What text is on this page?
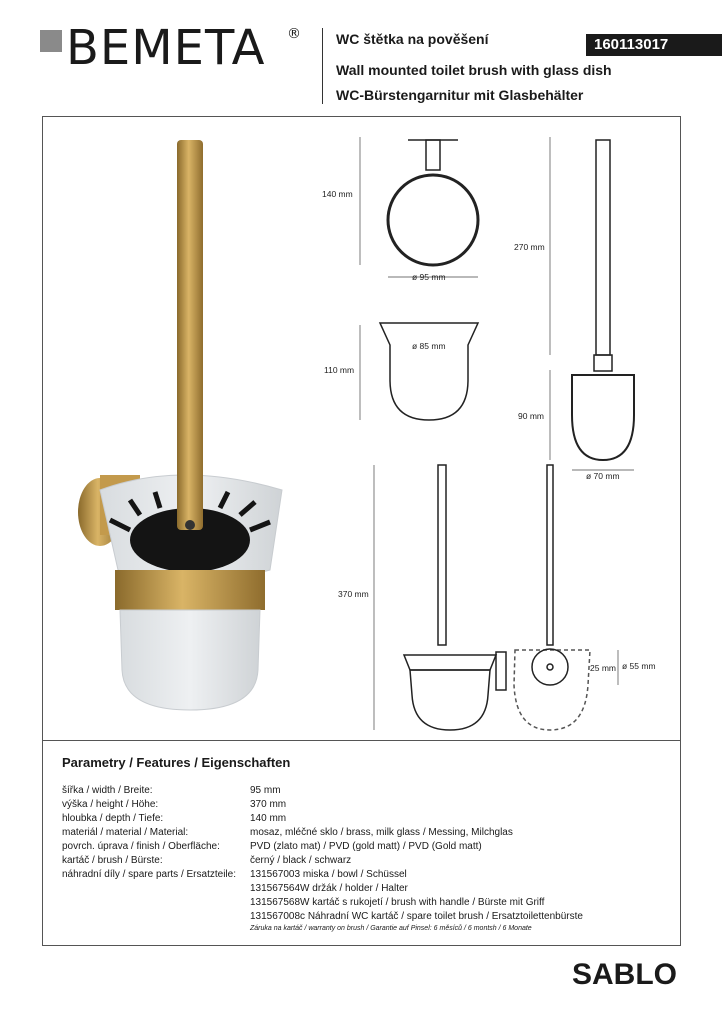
BEMETA ®	WC štětka na pověšení
Wall mounted toilet brush with glass dish
WC-Bürstengarnitur mit Glasbehälter
160113017
140 mm
ø 95 mm
ø 85 mm
110 mm
270 mm
90 mm
ø 70 mm
370 mm
25 mm ø 55 mm
Parametry / Features / Eigenschaften
šířka / width / Breite:	95 mm
výška / height / Höhe:	370 mm
hloubka / depth / Tiefe:	140 mm
materiál / material / Material:	mosaz, mléčné sklo / brass, milk glass / Messing, Milchglas
povrch. úprava / finish / Oberfläche:	PVD (zlato mat) / PVD (gold matt) / PVD (Gold matt)
kartáč / brush / Bürste:	černý / black / schwarz
náhradní díly / spare parts / Ersatzteile: 131567003 miska / bowl / Schüssel
131567564W držák / holder / Halter
131567568W kartáč s rukojetí / brush with handle / Bürste mit Griff
131567008c Náhradní WC kartáč / spare toilet brush / Ersatztoilettenbürste
Záruka na kartáč / warranty on brush / Garantie auf Pinsel: 6 měsíců / 6 montsh / 6 Monate
SABLO
